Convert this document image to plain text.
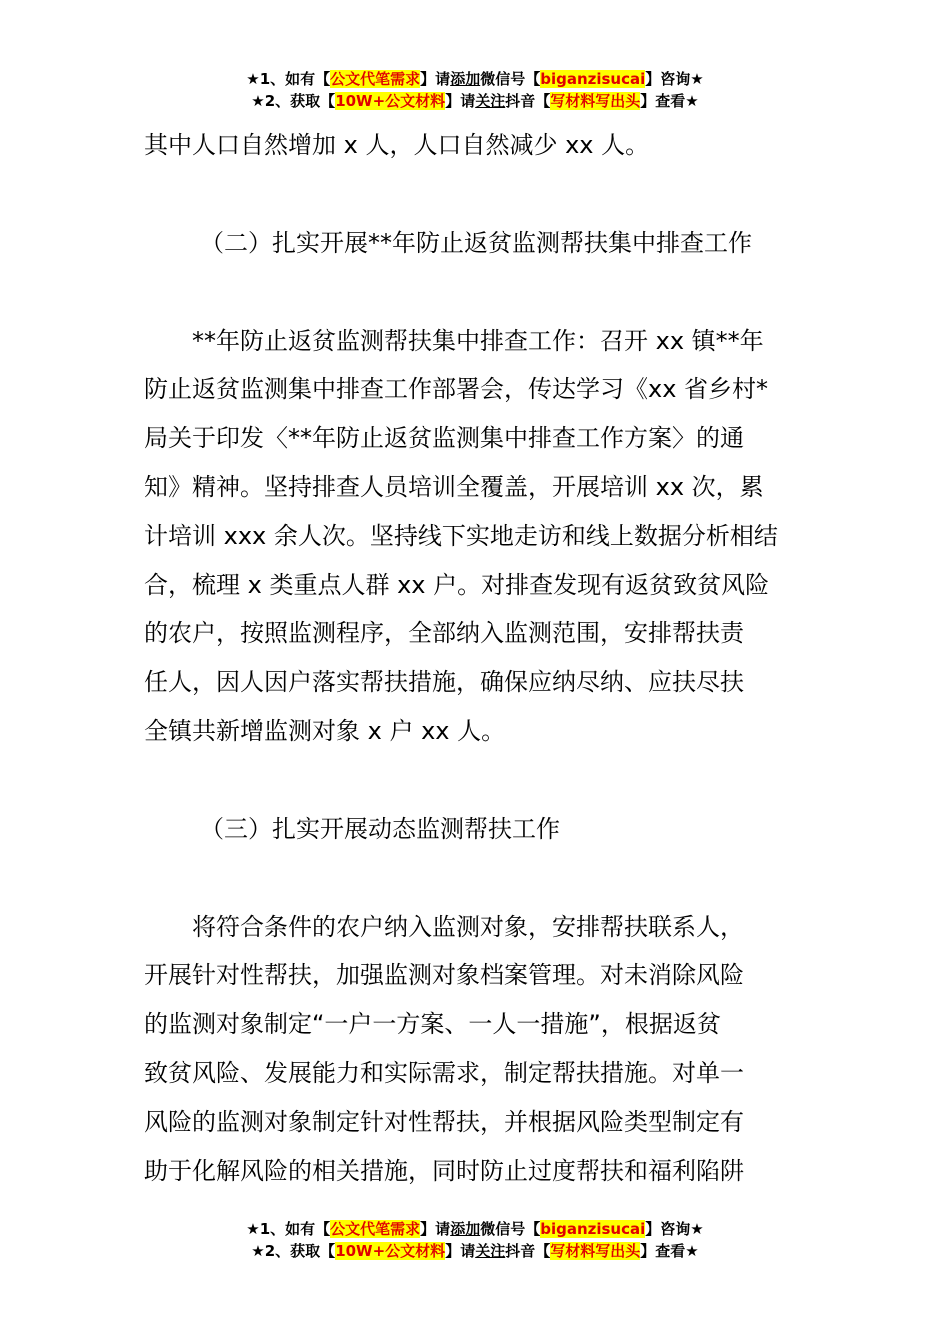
★1、如有【公文代笔需求】请添加微信号【biganzisucai】咨询★
★2、获取【10W+公文材料】请关注抖音【写材料写出头】查看★

其中人口自然增加 x 人，人口自然减少 xx 人。

（二）扎实开展**年防止返贫监测帮扶集中排查工作

　　**年防止返贫监测帮扶集中排查工作：召开 xx 镇**年

防止返贫监测集中排查工作部署会，传达学习《xx 省乡村*

局关于印发〈**年防止返贫监测集中排查工作方案〉的通

知》精神。坚持排查人员培训全覆盖，开展培训 xx 次，累

计培训 xxx 余人次。坚持线下实地走访和线上数据分析相结

合，梳理 x 类重点人群 xx 户。对排查发现有返贫致贫风险

的农户，按照监测程序，全部纳入监测范围，安排帮扶责

任人，因人因户落实帮扶措施，确保应纳尽纳、应扶尽扶

全镇共新增监测对象 x 户 xx 人。

（三）扎实开展动态监测帮扶工作

　　将符合条件的农户纳入监测对象，安排帮扶联系人，

开展针对性帮扶，加强监测对象档案管理。对未消除风险

的监测对象制定“一户一方案、一人一措施”，根据返贫

致贫风险、发展能力和实际需求，制定帮扶措施。对单一

风险的监测对象制定针对性帮扶，并根据风险类型制定有

助于化解风险的相关措施，同时防止过度帮扶和福利陷阱

★1、如有【公文代笔需求】请添加微信号【biganzisucai】咨询★
★2、获取【10W+公文材料】请关注抖音【写材料写出头】查看★
